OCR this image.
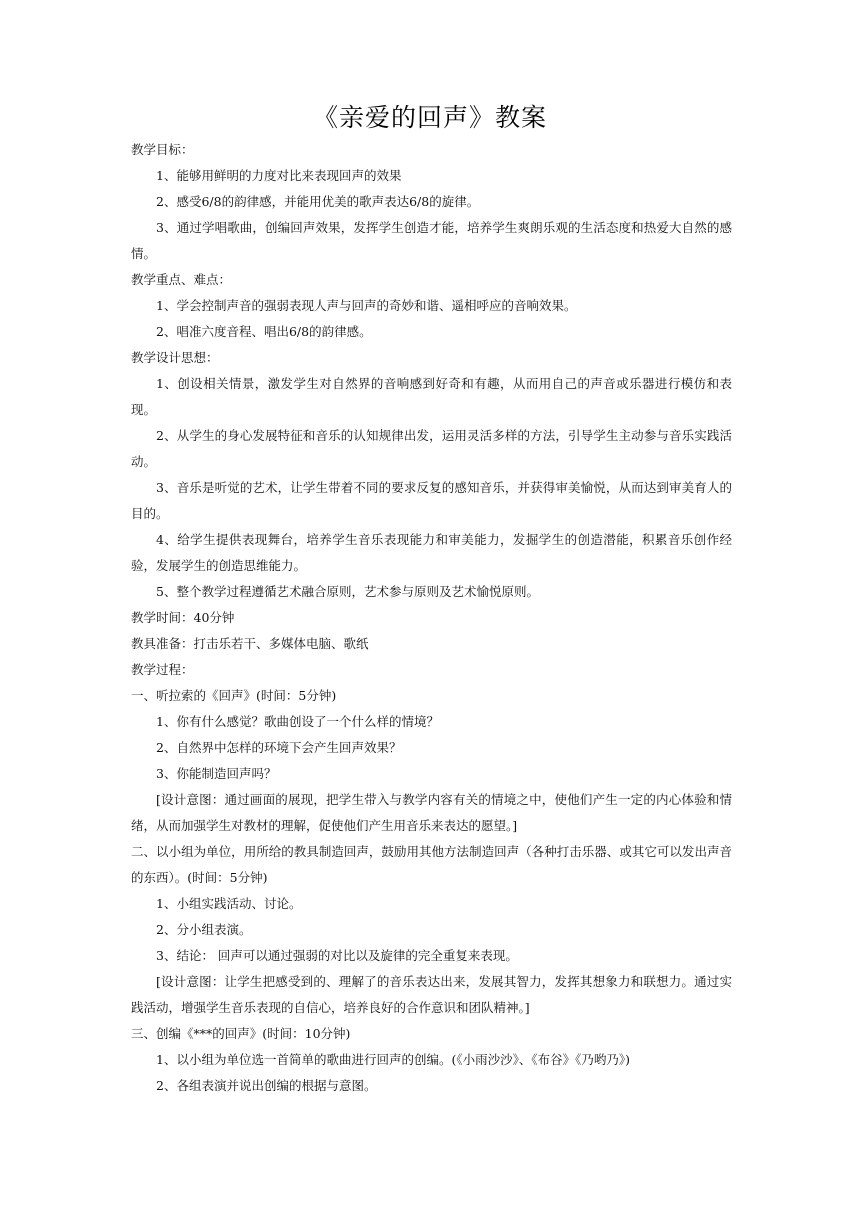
《亲爱的回声》教案

教学目标：

1、能够用鲜明的力度对比来表现回声的效果

2、感受6/8的韵律感，并能用优美的歌声表达6/8的旋律。

3、通过学唱歌曲，创编回声效果，发挥学生创造才能，培养学生爽朗乐观的生活态度和热爱大自然的感情。

教学重点、难点：

1、学会控制声音的强弱表现人声与回声的奇妙和谐、遥相呼应的音响效果。

2、唱准六度音程、唱出6/8的韵律感。

教学设计思想：

1、创设相关情景，激发学生对自然界的音响感到好奇和有趣，从而用自己的声音或乐器进行模仿和表现。

2、从学生的身心发展特征和音乐的认知规律出发，运用灵活多样的方法，引导学生主动参与音乐实践活动。

3、音乐是听觉的艺术，让学生带着不同的要求反复的感知音乐，并获得审美愉悦，从而达到审美育人的目的。

4、给学生提供表现舞台，培养学生音乐表现能力和审美能力，发掘学生的创造潜能，积累音乐创作经验，发展学生的创造思维能力。

5、整个教学过程遵循艺术融合原则，艺术参与原则及艺术愉悦原则。

教学时间：40分钟

教具准备：打击乐若干、多媒体电脑、歌纸

教学过程：

一、听拉索的《回声》(时间：5分钟)

1、你有什么感觉？歌曲创设了一个什么样的情境？

2、自然界中怎样的环境下会产生回声效果？

3、你能制造回声吗？

[设计意图：通过画面的展现，把学生带入与教学内容有关的情境之中，使他们产生一定的内心体验和情绪，从而加强学生对教材的理解，促使他们产生用音乐来表达的愿望。]

二、以小组为单位，用所给的教具制造回声，鼓励用其他方法制造回声（各种打击乐器、或其它可以发出声音的东西）。(时间：5分钟)

1、小组实践活动、讨论。

2、分小组表演。

3、结论： 回声可以通过强弱的对比以及旋律的完全重复来表现。

[设计意图：让学生把感受到的、理解了的音乐表达出来，发展其智力，发挥其想象力和联想力。通过实践活动，增强学生音乐表现的自信心，培养良好的合作意识和团队精神。]

三、创编《***的回声》(时间：10分钟)

1、以小组为单位选一首简单的歌曲进行回声的创编。(《小雨沙沙》、《布谷》《乃哟乃》)

2、各组表演并说出创编的根据与意图。
